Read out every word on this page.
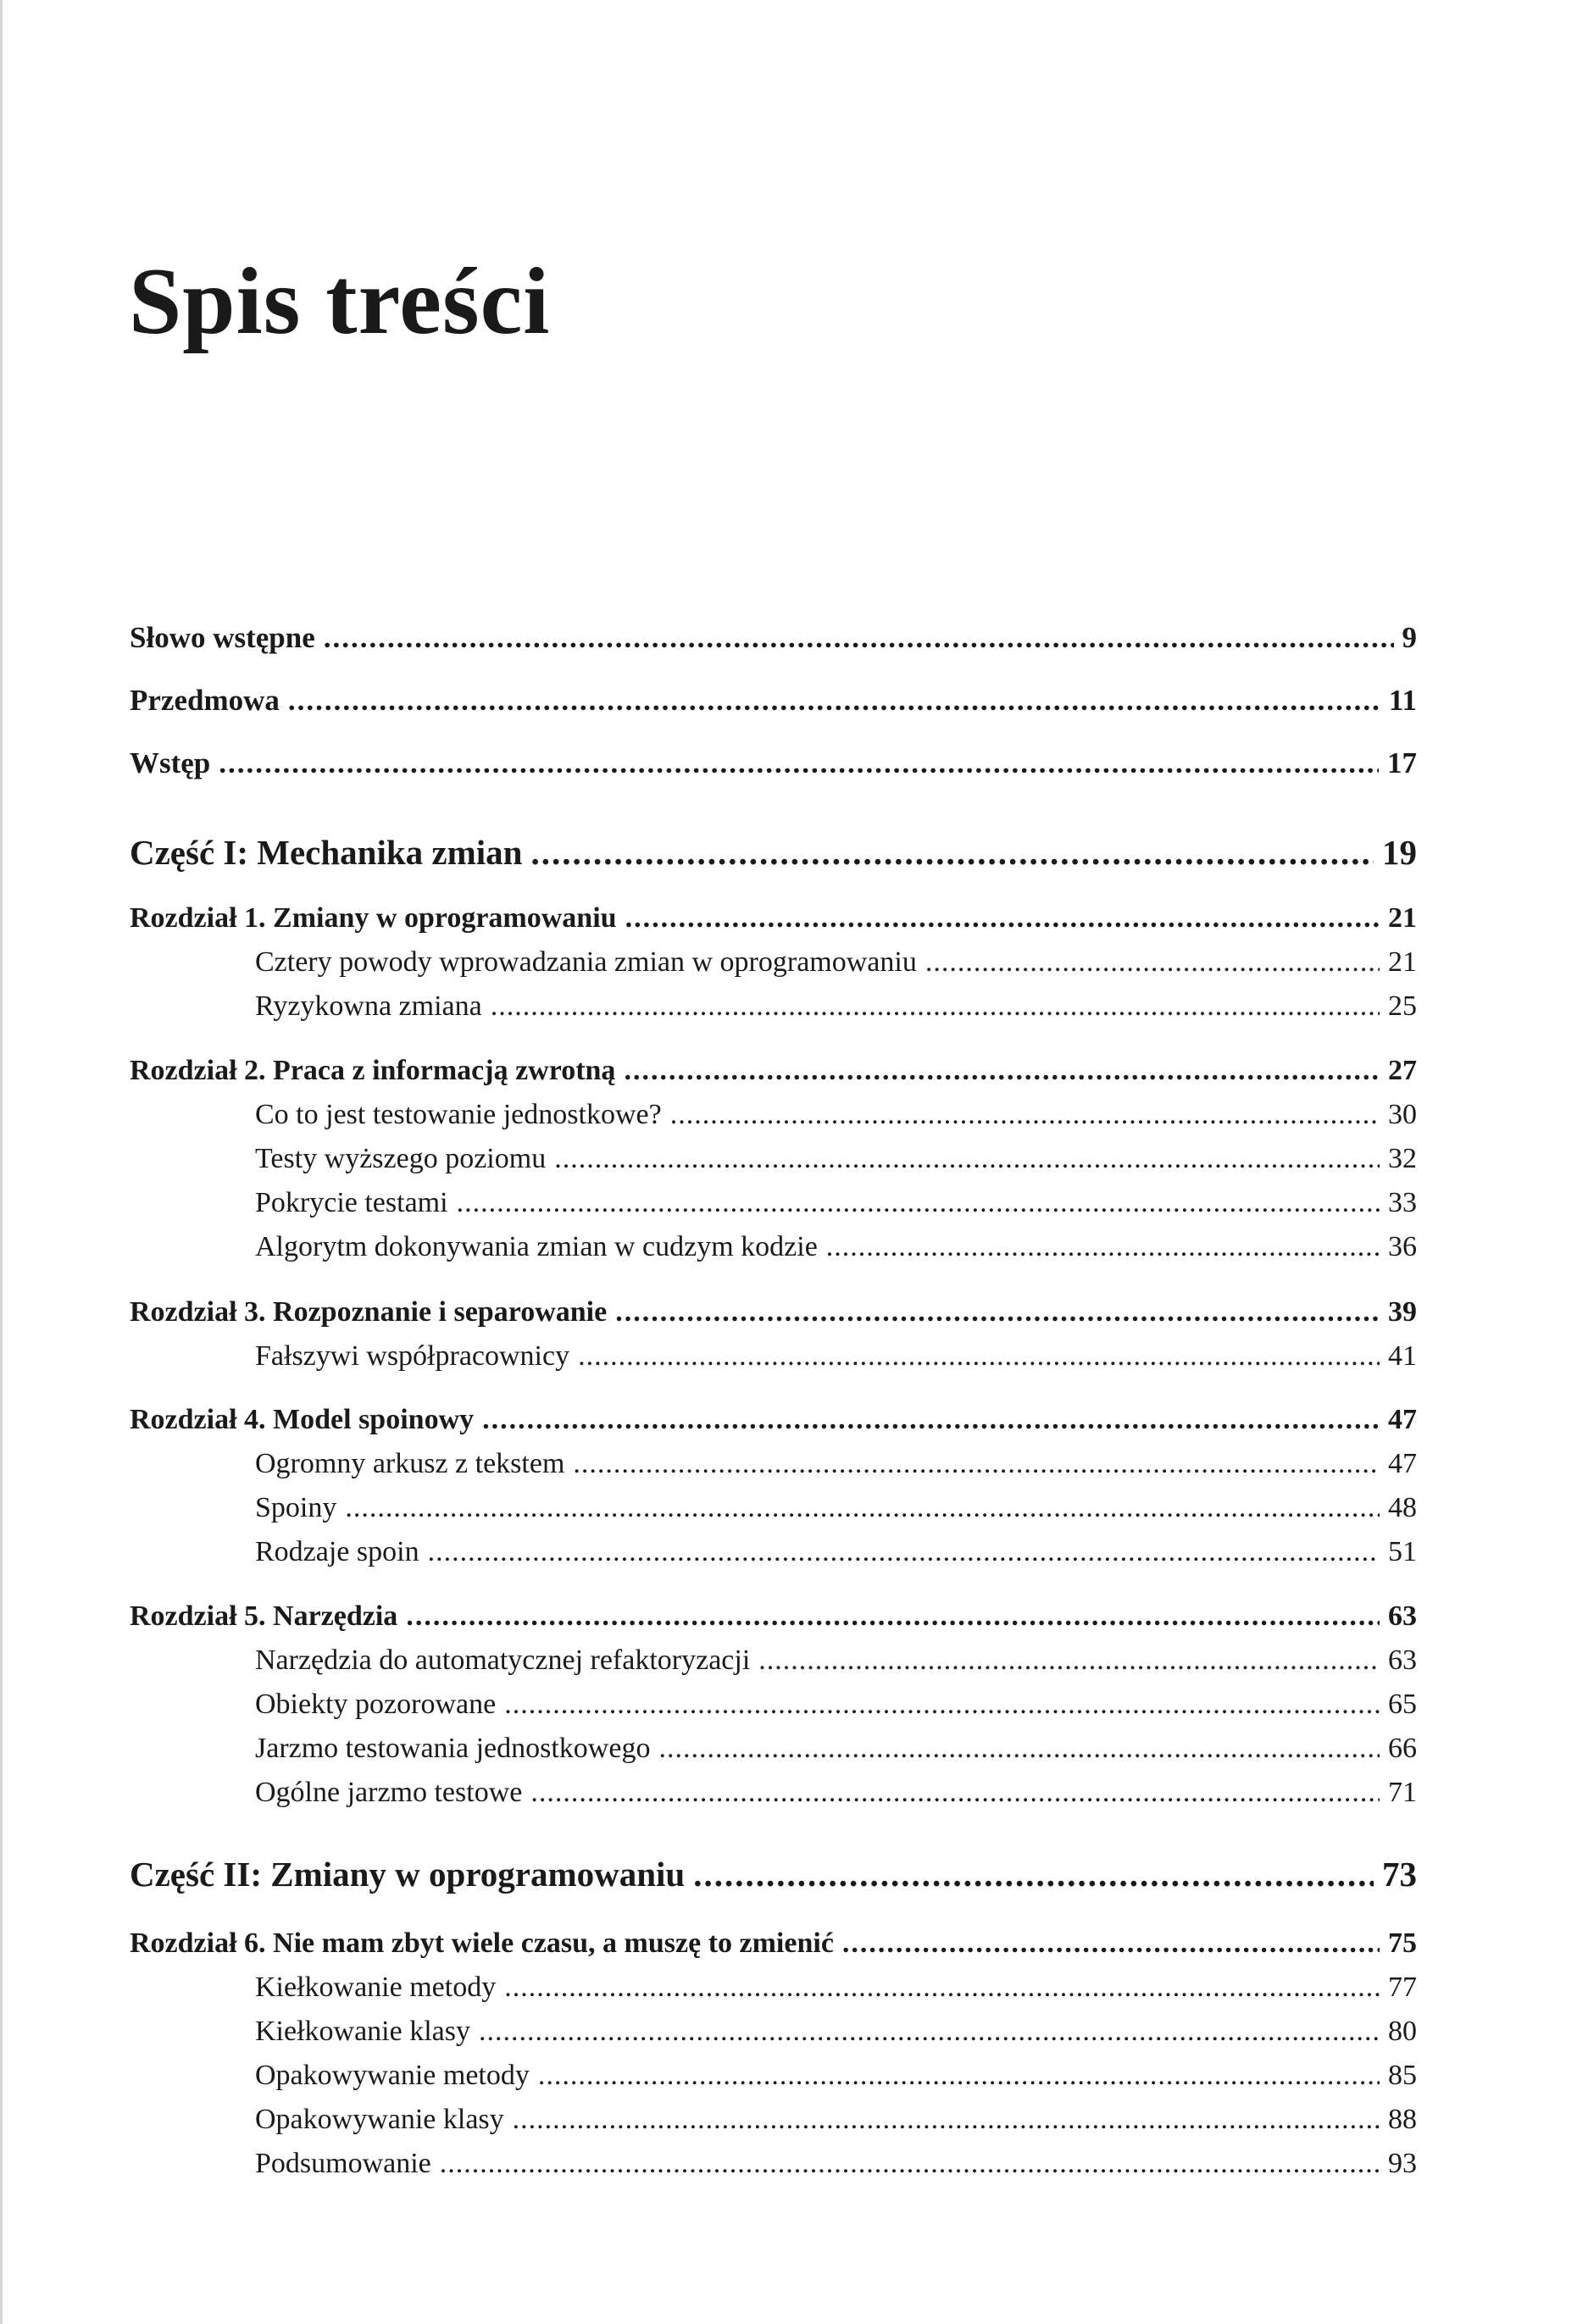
Spis treści
Słowo wstępne .....	9
Przedmowa .....	11
Wstęp .....	17
Część I: Mechanika zmian .....	19
Rozdział 1. Zmiany w oprogramowaniu .....	21
Cztery powody wprowadzania zmian w oprogramowaniu .....	21
Ryzykowna zmiana .....	25
Rozdział 2. Praca z informacją zwrotną .....	27
Co to jest testowanie jednostkowe? .....	30
Testy wyższego poziomu .....	32
Pokrycie testami .....	33
Algorytm dokonywania zmian w cudzym kodzie .....	36
Rozdział 3. Rozpoznanie i separowanie .....	39
Fałszywi współpracownicy .....	41
Rozdział 4. Model spoinowy .....	47
Ogromny arkusz z tekstem .....	47
Spoiny .....	48
Rodzaje spoin .....	51
Rozdział 5. Narzędzia .....	63
Narzędzia do automatycznej refaktoryzacji .....	63
Obiekty pozorowane .....	65
Jarzmo testowania jednostkowego .....	66
Ogólne jarzmo testowe .....	71
Część II: Zmiany w oprogramowaniu .....	73
Rozdział 6. Nie mam zbyt wiele czasu, a muszę to zmienić .....	75
Kiełkowanie metody .....	77
Kiełkowanie klasy .....	80
Opakowywanie metody .....	85
Opakowywanie klasy .....	88
Podsumowanie .....	93
